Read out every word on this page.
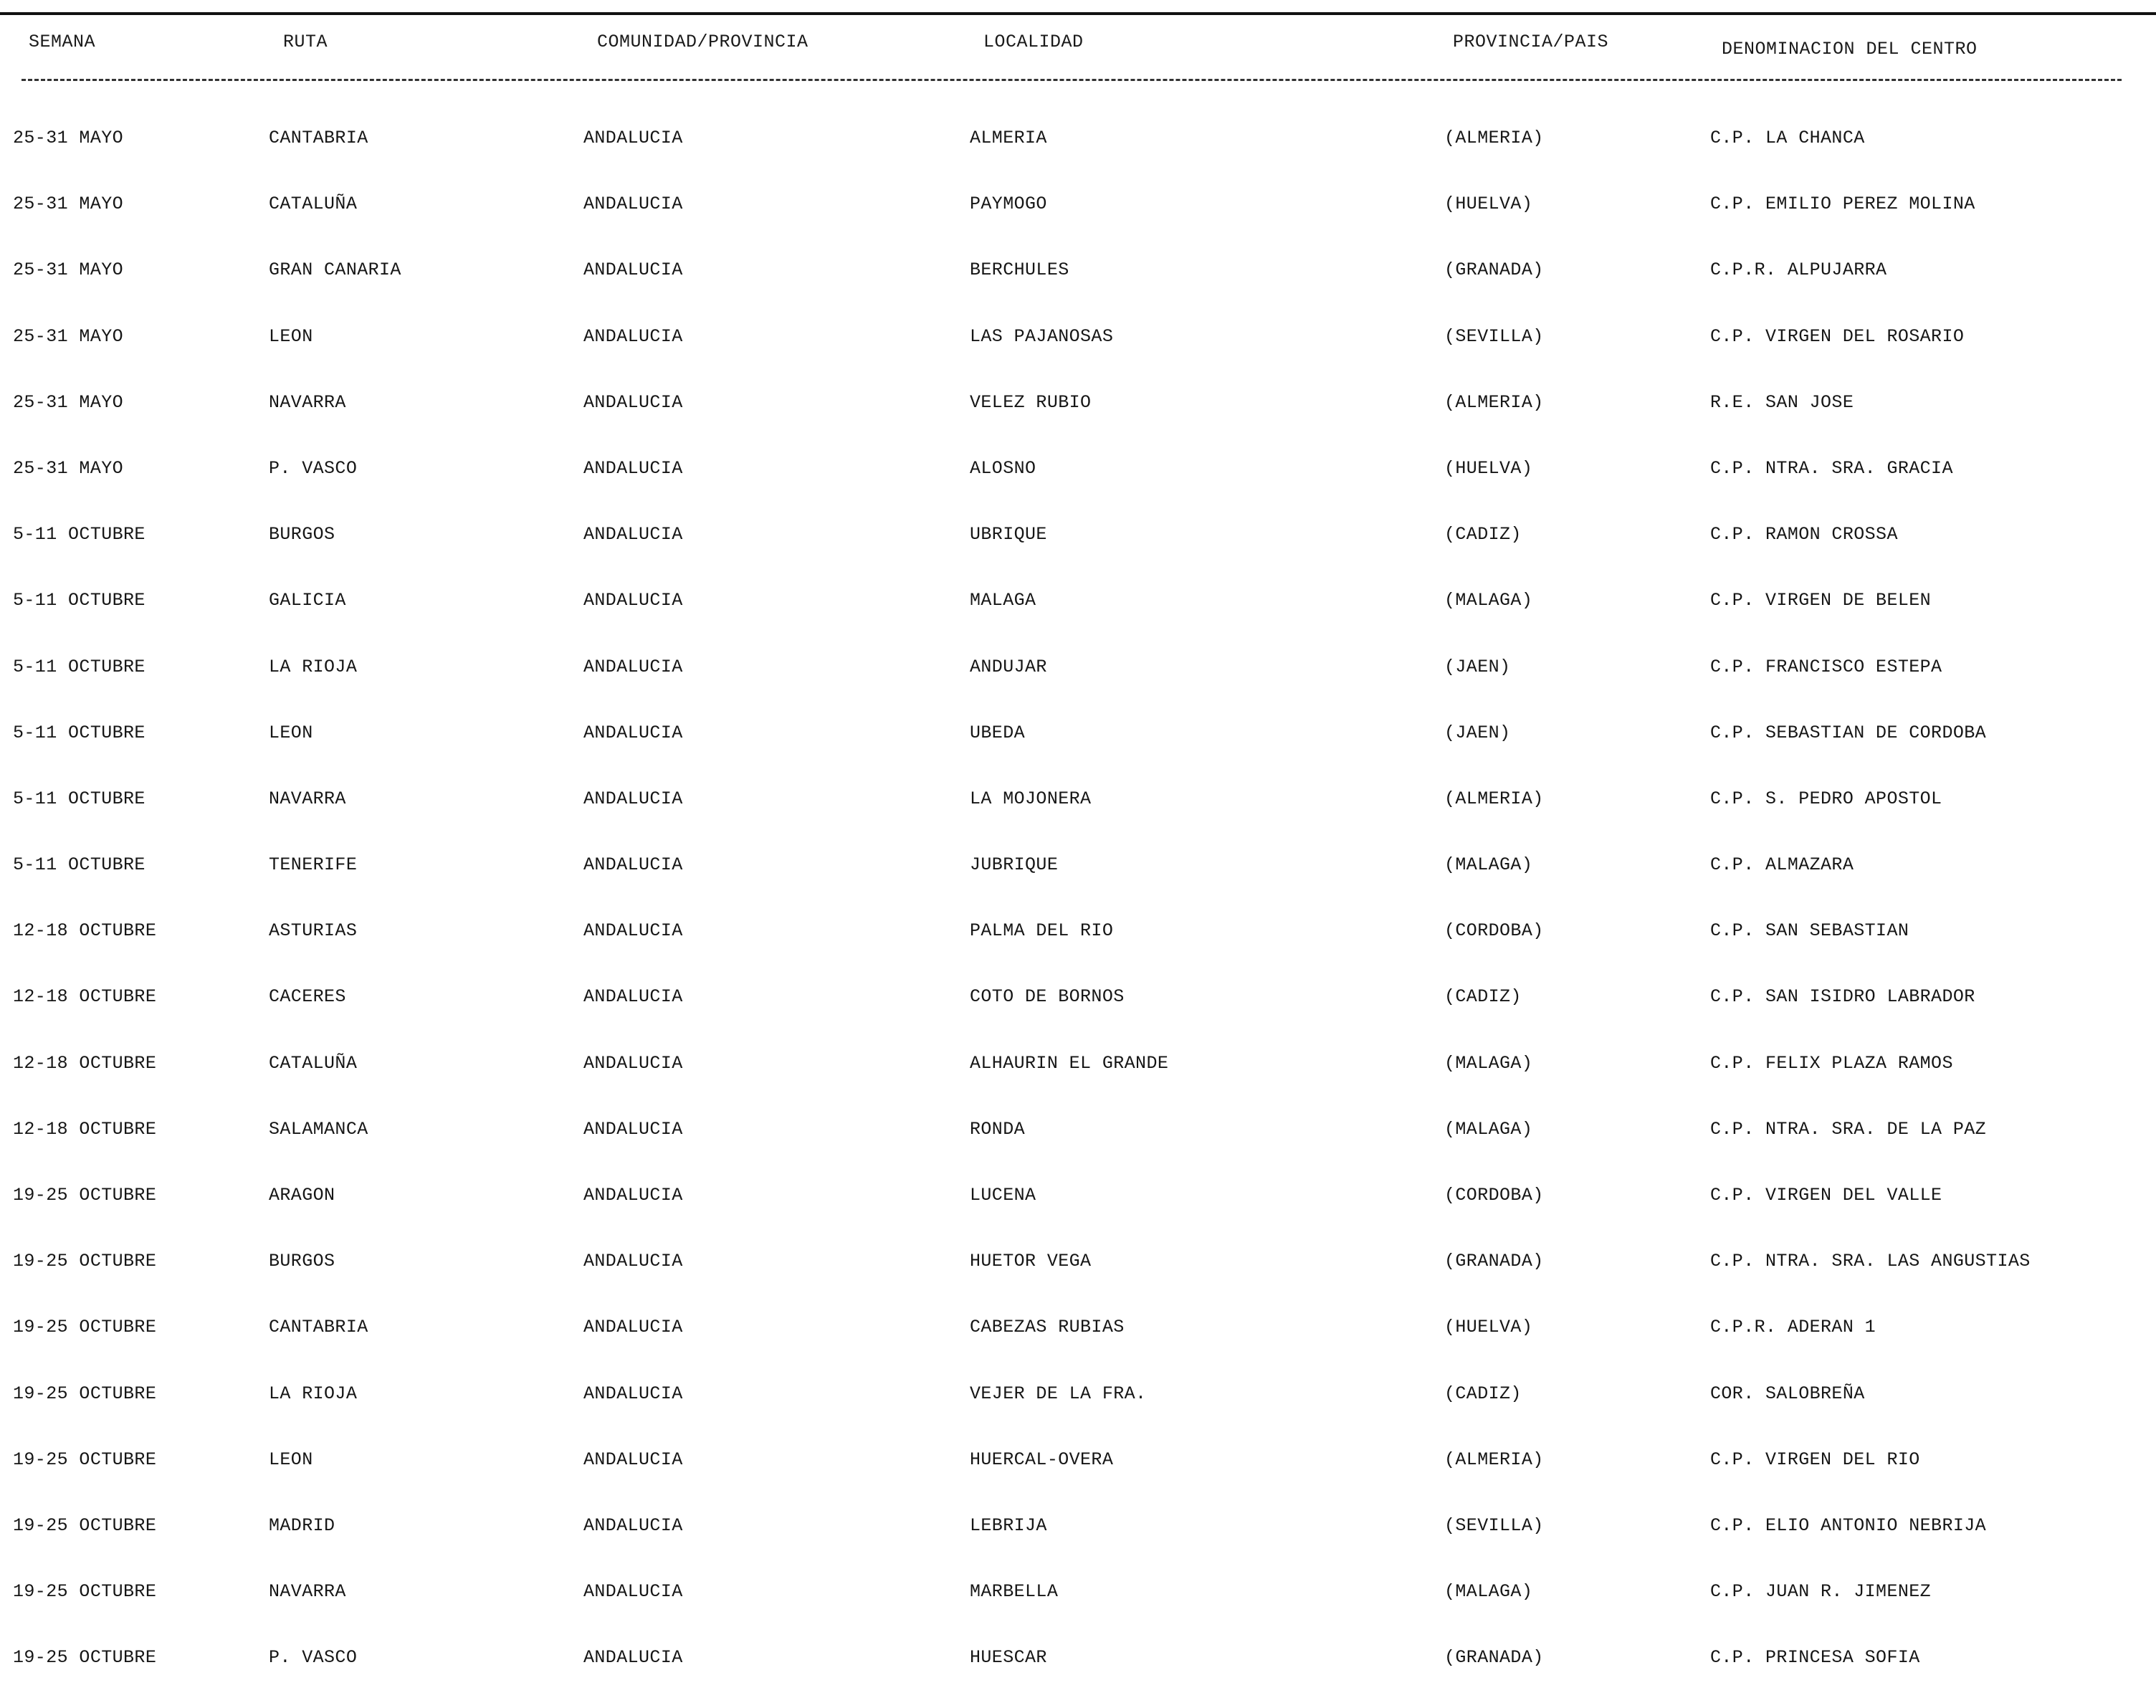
SEMANA	RUTA	COMUNIDAD/PROVINCIA	LOCALIDAD	PROVINCIA/PAIS	DENOMINACION DEL CENTRO
25-31 MAYO	CANTABRIA	ANDALUCIA	ALMERIA	(ALMERIA)	C.P. LA CHANCA
25-31 MAYO	CATALUÑA	ANDALUCIA	PAYMOGO	(HUELVA)	C.P. EMILIO PEREZ MOLINA
25-31 MAYO	GRAN CANARIA	ANDALUCIA	BERCHULES	(GRANADA)	C.P.R. ALPUJARRA
25-31 MAYO	LEON	ANDALUCIA	LAS PAJANOSAS	(SEVILLA)	C.P. VIRGEN DEL ROSARIO
25-31 MAYO	NAVARRA	ANDALUCIA	VELEZ RUBIO	(ALMERIA)	R.E. SAN JOSE
25-31 MAYO	P. VASCO	ANDALUCIA	ALOSNO	(HUELVA)	C.P. NTRA. SRA. GRACIA
5-11 OCTUBRE	BURGOS	ANDALUCIA	UBRIQUE	(CADIZ)	C.P. RAMON CROSSA
5-11 OCTUBRE	GALICIA	ANDALUCIA	MALAGA	(MALAGA)	C.P. VIRGEN DE BELEN
5-11 OCTUBRE	LA RIOJA	ANDALUCIA	ANDUJAR	(JAEN)	C.P. FRANCISCO ESTEPA
5-11 OCTUBRE	LEON	ANDALUCIA	UBEDA	(JAEN)	C.P. SEBASTIAN DE CORDOBA
5-11 OCTUBRE	NAVARRA	ANDALUCIA	LA MOJONERA	(ALMERIA)	C.P. S. PEDRO APOSTOL
5-11 OCTUBRE	TENERIFE	ANDALUCIA	JUBRIQUE	(MALAGA)	C.P. ALMAZARA
12-18 OCTUBRE	ASTURIAS	ANDALUCIA	PALMA DEL RIO	(CORDOBA)	C.P. SAN SEBASTIAN
12-18 OCTUBRE	CACERES	ANDALUCIA	COTO DE BORNOS	(CADIZ)	C.P. SAN ISIDRO LABRADOR
12-18 OCTUBRE	CATALUÑA	ANDALUCIA	ALHAURIN EL GRANDE	(MALAGA)	C.P. FELIX PLAZA RAMOS
12-18 OCTUBRE	SALAMANCA	ANDALUCIA	RONDA	(MALAGA)	C.P. NTRA. SRA. DE LA PAZ
19-25 OCTUBRE	ARAGON	ANDALUCIA	LUCENA	(CORDOBA)	C.P. VIRGEN DEL VALLE
19-25 OCTUBRE	BURGOS	ANDALUCIA	HUETOR VEGA	(GRANADA)	C.P. NTRA. SRA. LAS ANGUSTIAS
19-25 OCTUBRE	CANTABRIA	ANDALUCIA	CABEZAS RUBIAS	(HUELVA)	C.P.R. ADERAN 1
19-25 OCTUBRE	LA RIOJA	ANDALUCIA	VEJER DE LA FRA.	(CADIZ)	COR. SALOBREÑA
19-25 OCTUBRE	LEON	ANDALUCIA	HUERCAL-OVERA	(ALMERIA)	C.P. VIRGEN DEL RIO
19-25 OCTUBRE	MADRID	ANDALUCIA	LEBRIJA	(SEVILLA)	C.P. ELIO ANTONIO NEBRIJA
19-25 OCTUBRE	NAVARRA	ANDALUCIA	MARBELLA	(MALAGA)	C.P. JUAN R. JIMENEZ
19-25 OCTUBRE	P. VASCO	ANDALUCIA	HUESCAR	(GRANADA)	C.P. PRINCESA SOFIA
